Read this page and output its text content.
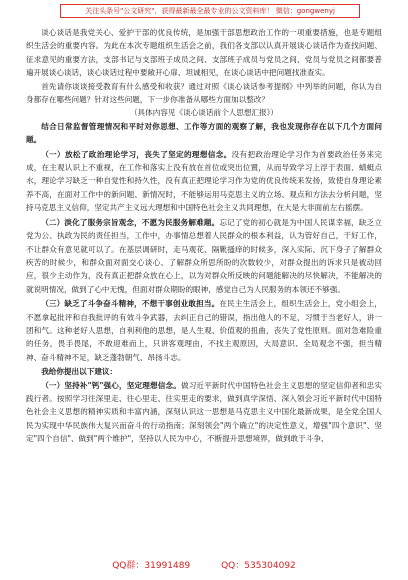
关注头条号"公文研究"，获得最新最全最专业的公文资料库！ 微信：gongwenyj

谈心谈话是我党关心、爱护干部的优良传统，是加强干部思想政治工作的一项重要措施，也是专题组织生活会的重要内容。为此在本次专题组织生活会之前，我们各支部以认真开展谈心谈话作为查找问题、征求意见的重要方法，支部书记与支部班子成员之间、支部班子成员与党员之间、党员与党员之间都要普遍开展谈心谈话，谈心谈话过程中要敞开心扉、坦诚相见，在谈心谈话中把问题找准查实。

首先请你谈谈接受教育有什么感受和收获？通过对照《谈心谈话参考提纲》中列举的问题，你认为自身都存在哪些问题？针对这些问题，下一步你准备从哪些方面加以整改？

（具体内容见《谈心谈话前个人思想汇报》）

结合日常监督管理情况和平时对你思想、工作等方面的观察了解，我也发现你存在以下几个方面问题。

（一）放松了政治理论学习，丧失了坚定的理想信念。没有把政治理论学习作为首要政治任务来完成，在主观认识上不重视，在工作和落实上没有放在首位或突出位置，从而导致学习上浮于表面、蜻蜓点水，理论学习缺乏一种自觉性和持久性，没有真正把理论学习作为党的优良传统来发扬，致使自身理论素养不高，在面对工作中的新问题、新情况时，不能够运用马克思主义的立场、观点和方法去分析问题，坚持马克思主义信仰，坚定共产主义远大理想和中国特色社会主义共同理想，在大是大非面前左右摇摆。

（二）淡化了服务宗旨观念，不愿为民服务解难题。忘记了党的初心就是为中国人民谋幸福，缺乏立党为公、执政为民的责任担当，工作中，办事情总想着人民群众的根本利益，认为管好自己，干好工作，不让群众有意见就可以了。在基层调研时，走马观花、隔靴搔痒的时候多，深入实际、沉下身子了解群众疾苦的时候少，和群众面对面交心谈心、了解群众所思所盼的次数较少，对群众提出的诉求只是被动回应，很少主动作为，没有真正把群众放在心上，以为对群众所反映的问题能解决的尽快解决，不能解决的就说明情况，做到了心中无愧，但面对群众期盼的眼神，感觉自己为人民服务的本领还不够强。

（三）缺乏了斗争奋斗精神，不想干事创业敢担当。在民主生活会上，组织生活会上，党小组会上，不愿拿起批评和自我批评的有效斗争武器，去纠正自己的错误，指出他人的不足，习惯于当老好人，讲一团和气。这种老好人思想，自利利他的思想，是人生观、价值观的扭曲，丧失了党性原则。面对急难险重的任务，畏手畏尾，不敢迎难而上，只讲客观理由，不找主观原因，大局意识、全局观念不强，担当精神、奋斗精神不足，缺乏蓬勃朝气、昂扬斗志。

我给你提出以下建议：

（一）坚持补"钙"强心，坚定理想信念。做习近平新时代中国特色社会主义思想的坚定信仰者和忠实践行者。按照学习往深里走、往心里走、往实里走的要求，做到真学深悟、深入领会习近平新时代中国特色社会主义思想的精神实质和丰富内涵，深刻认识这一思想是马克思主义中国化最新成果，是全党全国人民为实现中华民族伟大复兴而奋斗的行动指南；深刻领会"两个确立"的决定性意义，增强"四个意识"、坚定"四个自信"、做到"两个维护"，坚持以人民为中心，不断提升思想境界，做到敢于斗争、

QQ群：31991489	QQ：535304092
